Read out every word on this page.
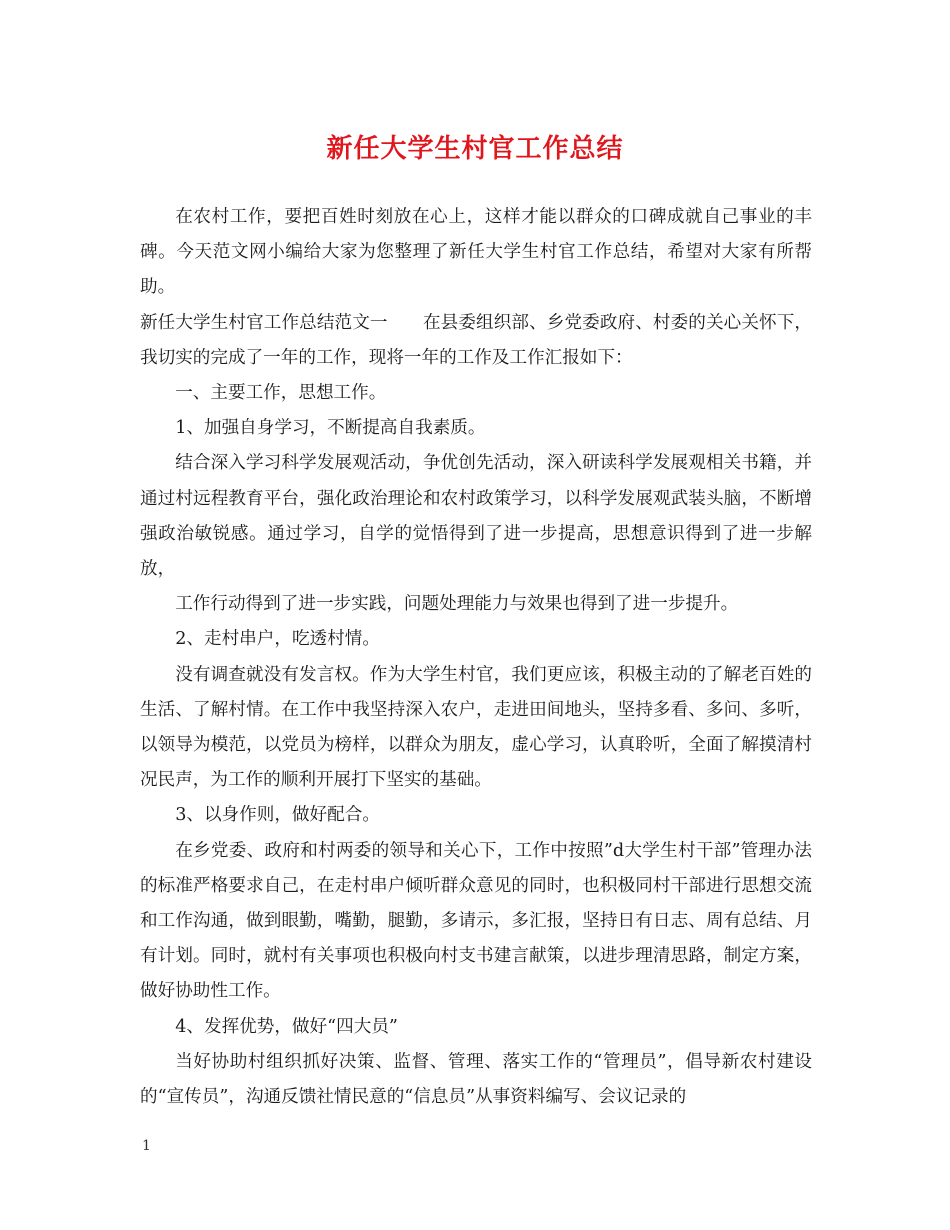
新任大学生村官工作总结

在农村工作，要把百姓时刻放在心上，这样才能以群众的口碑成就自己事业的丰碑。今天范文网小编给大家为您整理了新任大学生村官工作总结，希望对大家有所帮助。

新任大学生村官工作总结范文一　　在县委组织部、乡党委政府、村委的关心关怀下，我切实的完成了一年的工作，现将一年的工作及工作汇报如下：

一、主要工作，思想工作。

1、加强自身学习，不断提高自我素质。

结合深入学习科学发展观活动，争优创先活动，深入研读科学发展观相关书籍，并通过村远程教育平台，强化政治理论和农村政策学习，以科学发展观武装头脑，不断增强政治敏锐感。通过学习，自学的觉悟得到了进一步提高，思想意识得到了进一步解放，

工作行动得到了进一步实践，问题处理能力与效果也得到了进一步提升。

2、走村串户，吃透村情。

没有调查就没有发言权。作为大学生村官，我们更应该，积极主动的了解老百姓的生活、了解村情。在工作中我坚持深入农户，走进田间地头，坚持多看、多问、多听，以领导为模范，以党员为榜样，以群众为朋友，虚心学习，认真聆听，全面了解摸清村况民声，为工作的顺利开展打下坚实的基础。

3、以身作则，做好配合。

在乡党委、政府和村两委的领导和关心下，工作中按照”d大学生村干部”管理办法的标准严格要求自己，在走村串户倾听群众意见的同时，也积极同村干部进行思想交流和工作沟通，做到眼勤，嘴勤，腿勤，多请示，多汇报，坚持日有日志、周有总结、月有计划。同时，就村有关事项也积极向村支书建言献策，以进步理清思路，制定方案，做好协助性工作。

4、发挥优势，做好“四大员”

当好协助村组织抓好决策、监督、管理、落实工作的“管理员”，倡导新农村建设的“宣传员”，沟通反馈社情民意的“信息员”从事资料编写、会议记录的

1
